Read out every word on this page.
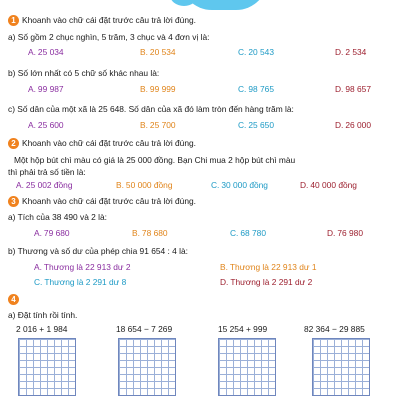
1 Khoanh vào chữ cái đặt trước câu trả lời đúng.
a) Số gồm 2 chục nghìn, 5 trăm, 3 chục và 4 đơn vị là:
A. 25 034	B. 20 534	C. 20 543	D. 2 534
b) Số lớn nhất có 5 chữ số khác nhau là:
A. 99 987	B. 99 999	C. 98 765	D. 98 657
c) Số dân của một xã là 25 648. Số dân của xã đó làm tròn đến hàng trăm là:
A. 25 600	B. 25 700	C. 25 650	D. 26 000
2 Khoanh vào chữ cái đặt trước câu trả lời đúng.
Một hộp bút chì màu có giá là 25 000 đồng. Bạn Chi mua 2 hộp bút chì màu
thì phải trả số tiền là:
A. 25 002 đồng	B. 50 000 đồng	C. 30 000 đồng	D. 40 000 đồng
3 Khoanh vào chữ cái đặt trước câu trả lời đúng.
a) Tích của 38 490 và 2 là:
A. 79 680	B. 78 680	C. 68 780	D. 76 980
b) Thương và số dư của phép chia 91 654 : 4 là:
A. Thương là 22 913 dư 2	B. Thương là 22 913 dư 1
C. Thương là 2 291 dư 8	D. Thương là 2 291 dư 2
4
a) Đặt tính rồi tính.
2 016 + 1 984	18 654 − 7 269	15 254 + 999	82 364 − 29 885
